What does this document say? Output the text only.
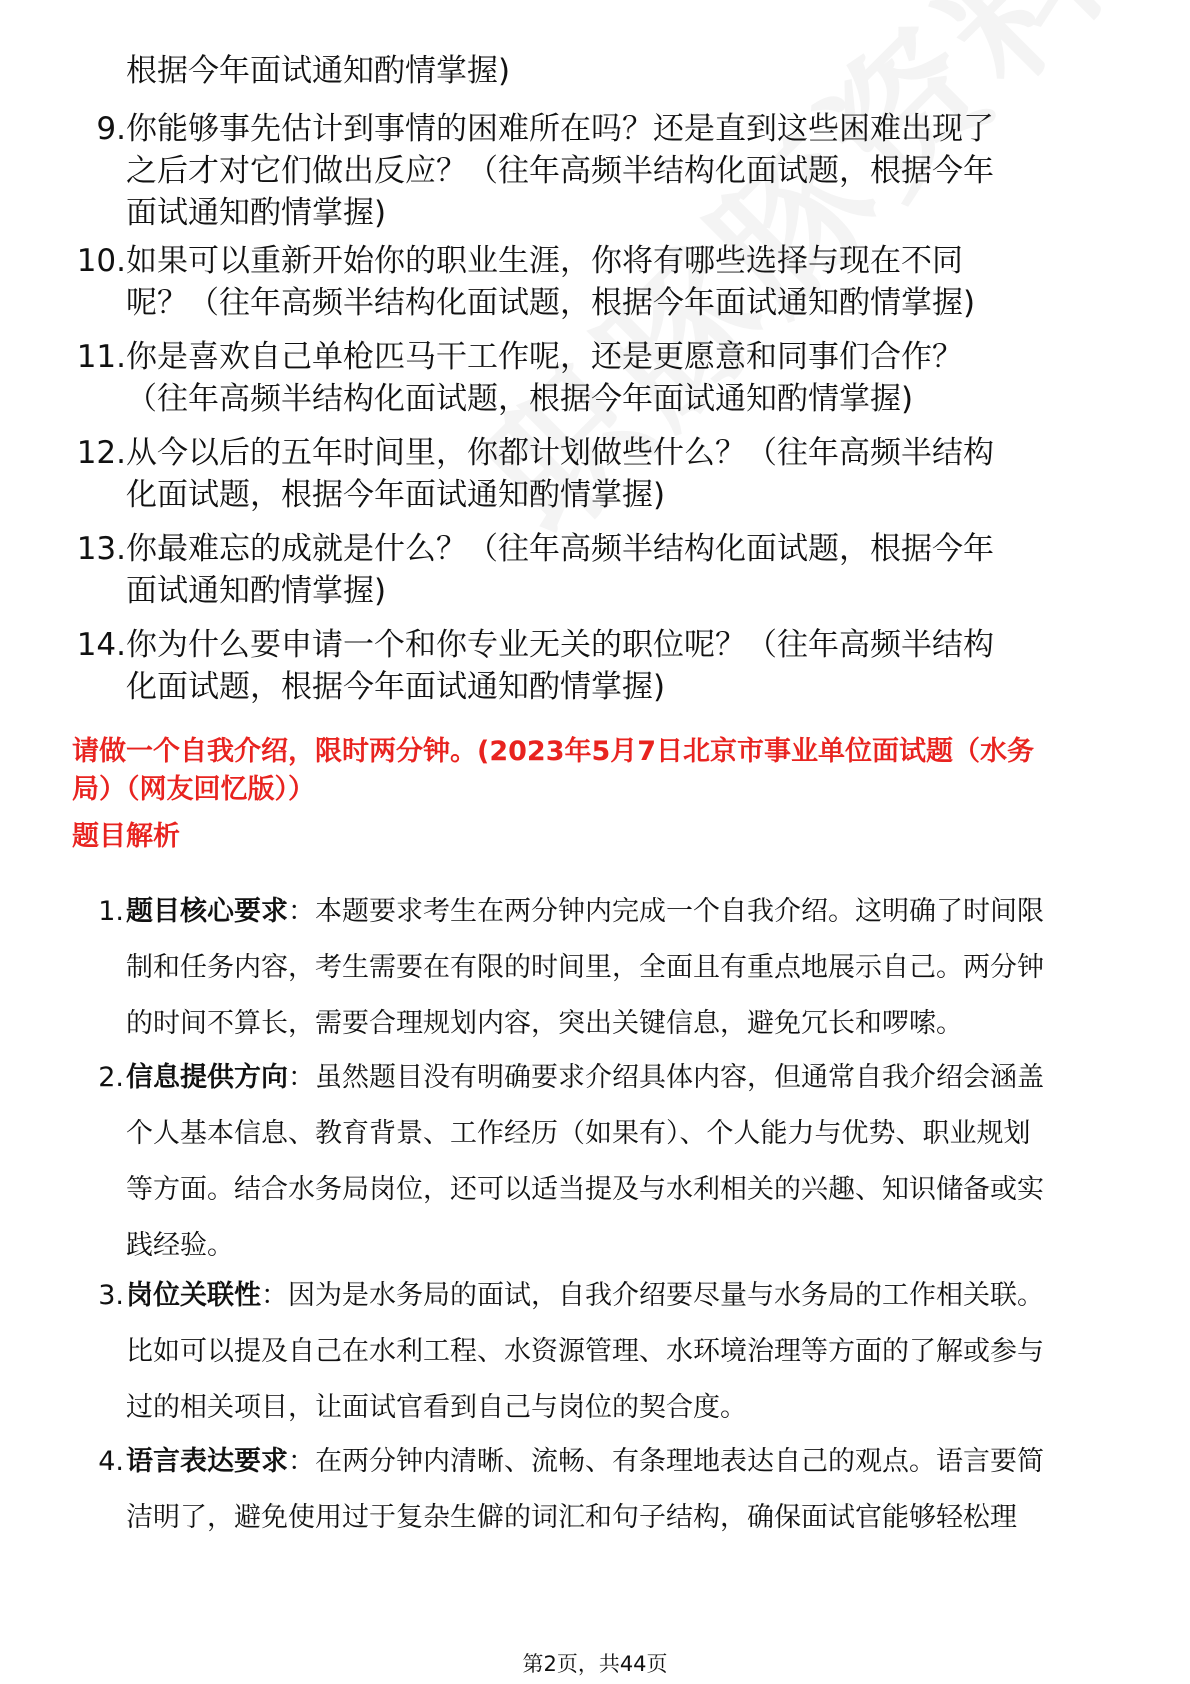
根据今年面试通知酌情掌握)
9. 你能够事先估计到事情的困难所在吗？还是直到这些困难出现了
之后才对它们做出反应？（往年高频半结构化面试题，根据今年
面试通知酌情掌握)
10. 如果可以重新开始你的职业生涯，你将有哪些选择与现在不同
呢？（往年高频半结构化面试题，根据今年面试通知酌情掌握)
11. 你是喜欢自己单枪匹马干工作呢，还是更愿意和同事们合作？
（往年高频半结构化面试题，根据今年面试通知酌情掌握)
12. 从今以后的五年时间里，你都计划做些什么？（往年高频半结构
化面试题，根据今年面试通知酌情掌握)
13. 你最难忘的成就是什么？（往年高频半结构化面试题，根据今年
面试通知酌情掌握)
14. 你为什么要申请一个和你专业无关的职位呢？（往年高频半结构
化面试题，根据今年面试通知酌情掌握)
请做一个自我介绍，限时两分钟。(2023年5月7日北京市事业单位面试题（水务
局）（网友回忆版））
题目解析
1. 题目核心要求：本题要求考生在两分钟内完成一个自我介绍。这明确了时间限
制和任务内容，考生需要在有限的时间里，全面且有重点地展示自己。两分钟
的时间不算长，需要合理规划内容，突出关键信息，避免冗长和啰嗦。
2. 信息提供方向：虽然题目没有明确要求介绍具体内容，但通常自我介绍会涵盖
个人基本信息、教育背景、工作经历（如果有）、个人能力与优势、职业规划
等方面。结合水务局岗位，还可以适当提及与水利相关的兴趣、知识储备或实
践经验。
3. 岗位关联性：因为是水务局的面试，自我介绍要尽量与水务局的工作相关联。
比如可以提及自己在水利工程、水资源管理、水环境治理等方面的了解或参与
过的相关项目，让面试官看到自己与岗位的契合度。
4. 语言表达要求：在两分钟内清晰、流畅、有条理地表达自己的观点。语言要简
洁明了，避免使用过于复杂生僻的词汇和句子结构，确保面试官能够轻松理
第2页，共44页
